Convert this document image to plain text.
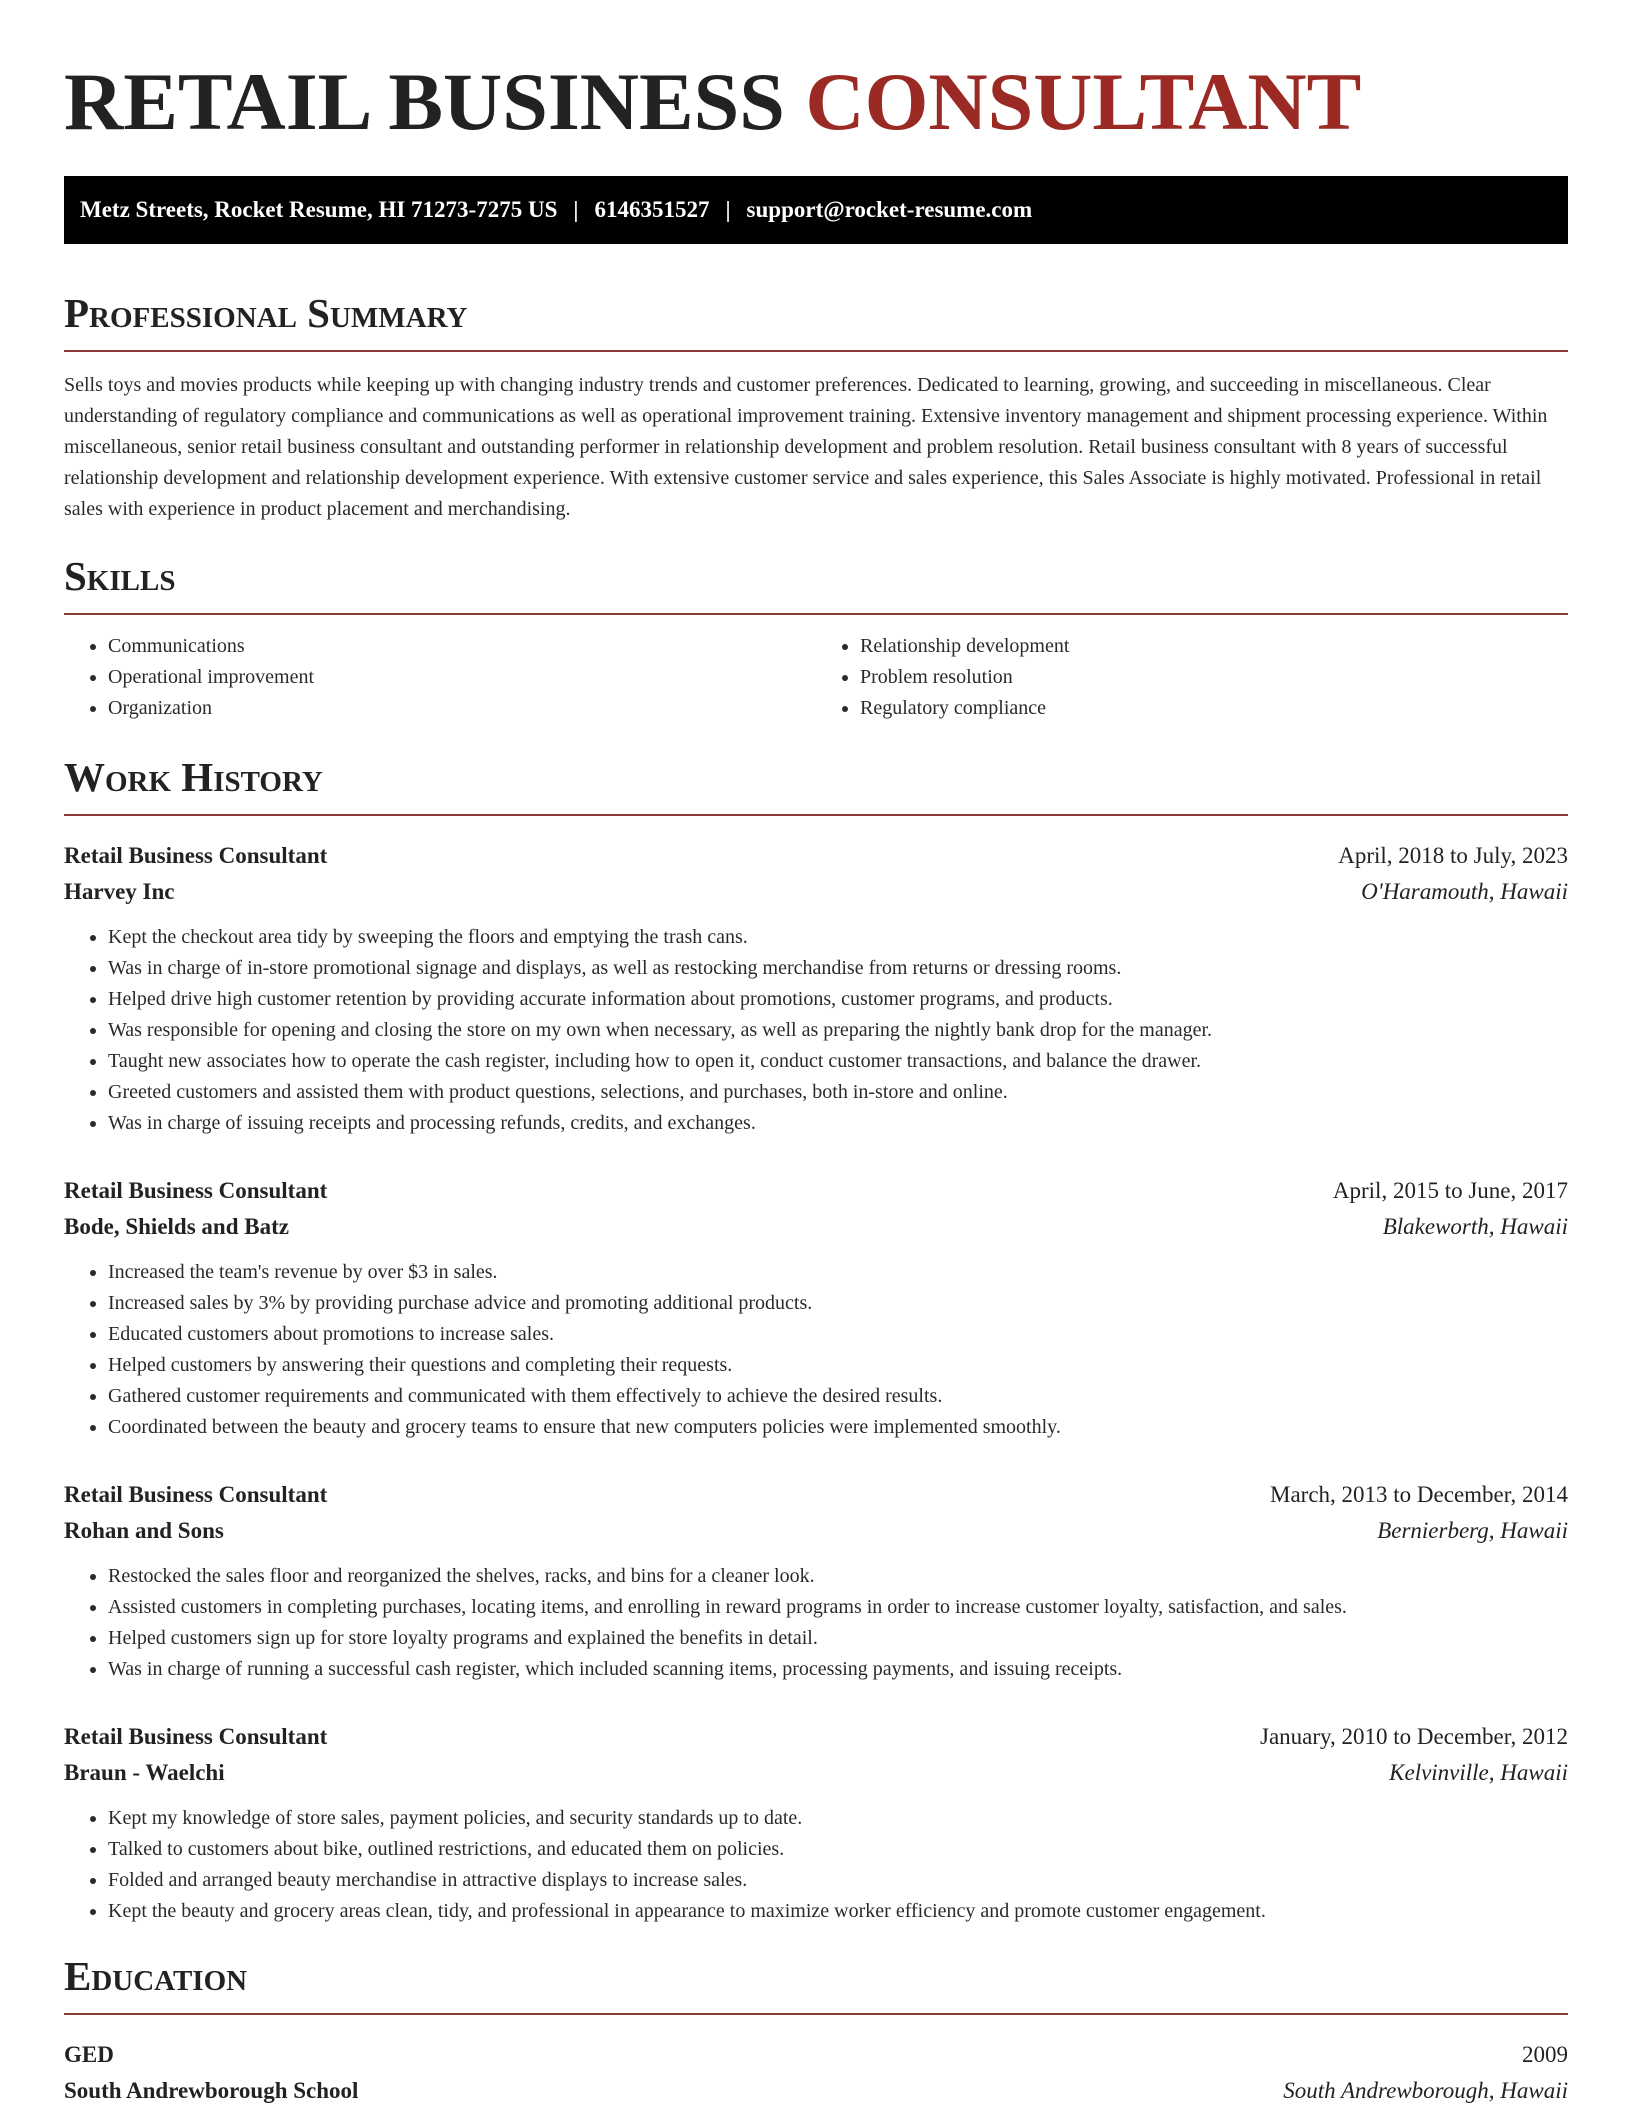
RETAIL BUSINESS CONSULTANT
Metz Streets, Rocket Resume, HI 71273-7275 US | 6146351527 | support@rocket-resume.com
Professional Summary

Sells toys and movies products while keeping up with changing industry trends and customer preferences. Dedicated to learning, growing, and succeeding in miscellaneous. Clear understanding of regulatory compliance and communications as well as operational improvement training. Extensive inventory management and shipment processing experience. Within miscellaneous, senior retail business consultant and outstanding performer in relationship development and problem resolution. Retail business consultant with 8 years of successful relationship development and relationship development experience. With extensive customer service and sales experience, this Sales Associate is highly motivated. Professional in retail sales with experience in product placement and merchandising.

Skills
• Communications
• Operational improvement
• Organization
• Relationship development
• Problem resolution
• Regulatory compliance
Work History
Retail Business Consultant	April, 2018 to July, 2023
Harvey Inc	O'Haramouth, Hawaii
• Kept the checkout area tidy by sweeping the floors and emptying the trash cans.
• Was in charge of in-store promotional signage and displays, as well as restocking merchandise from returns or dressing rooms.
• Helped drive high customer retention by providing accurate information about promotions, customer programs, and products.
• Was responsible for opening and closing the store on my own when necessary, as well as preparing the nightly bank drop for the manager.
• Taught new associates how to operate the cash register, including how to open it, conduct customer transactions, and balance the drawer.
• Greeted customers and assisted them with product questions, selections, and purchases, both in-store and online.
• Was in charge of issuing receipts and processing refunds, credits, and exchanges.
Retail Business Consultant	April, 2015 to June, 2017
Bode, Shields and Batz	Blakeworth, Hawaii
• Increased the team's revenue by over $3 in sales.
• Increased sales by 3% by providing purchase advice and promoting additional products.
• Educated customers about promotions to increase sales.
• Helped customers by answering their questions and completing their requests.
• Gathered customer requirements and communicated with them effectively to achieve the desired results.
• Coordinated between the beauty and grocery teams to ensure that new computers policies were implemented smoothly.
Retail Business Consultant	March, 2013 to December, 2014
Rohan and Sons	Bernierberg, Hawaii
• Restocked the sales floor and reorganized the shelves, racks, and bins for a cleaner look.
• Assisted customers in completing purchases, locating items, and enrolling in reward programs in order to increase customer loyalty, satisfaction, and sales.
• Helped customers sign up for store loyalty programs and explained the benefits in detail.
• Was in charge of running a successful cash register, which included scanning items, processing payments, and issuing receipts.
Retail Business Consultant	January, 2010 to December, 2012
Braun - Waelchi	Kelvinville, Hawaii
• Kept my knowledge of store sales, payment policies, and security standards up to date.
• Talked to customers about bike, outlined restrictions, and educated them on policies.
• Folded and arranged beauty merchandise in attractive displays to increase sales.
• Kept the beauty and grocery areas clean, tidy, and professional in appearance to maximize worker efficiency and promote customer engagement.
Education
GED	2009
South Andrewborough School	South Andrewborough, Hawaii
